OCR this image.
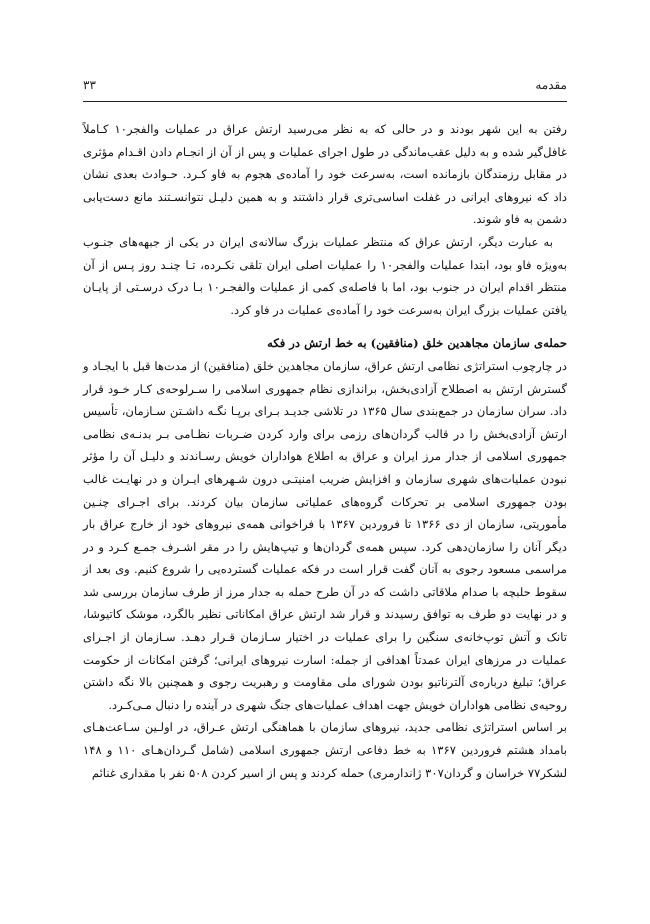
مقدمه
۳۳

رفتن به این شهر بودند و در حالی که به نظر می‌رسید ارتش عراق در عملیات والفجر۱۰ کـاملاً غافل‌گیر شده و به دلیل عقب‌ماندگی در طول اجرای عملیات و پس از آن از انجـام دادن اقـدام مؤثری در مقابل رزمندگان بازمانده است، به‌سرعت خود را آماده‌ی هجوم به فاو کـرد. حـوادث بعدی نشان داد که نیروهای ایرانی در غفلت اساسی‌تری قرار داشتند و به همین دلیـل نتوانسـتند مانع دست‌یابی دشمن به فاو شوند.

به عبارت دیگر، ارتش عراق که منتظر عملیات بزرگ سالانه‌ی ایران در یکی از جبهه‌های جنـوب به‌ویژه فاو بود، ابتدا عملیات والفجر۱۰ را عملیات اصلی ایران تلقی نکـرده، تـا چنـد روز پـس از آن منتظر اقدام ایران در جنوب بود، اما با فاصله‌ی کمی از عملیات والفجـر۱۰ بـا درک درسـتی از پایـان یافتن عملیات بزرگ ایران به‌سرعت خود را آماده‌ی عملیات در فاو کرد.

حمله‌ی سازمان مجاهدین خلق (منافقین) به خط ارتش در فکه

در چارچوب استراتژی نظامی ارتش عراق، سازمان مجاهدین خلق (منافقین) از مدت‌ها قبل با ایجـاد و گسترش ارتش به اصطلاح آزادی‌بخش، براندازی نظام جمهوری اسلامی را سـرلوحه‌ی کـار خـود قرار داد. سران سازمان در جمع‌بندی سال ۱۳۶۵ در تلاشی جدیـد بـرای برپـا نگـه داشـتن سـازمان، تأسیس ارتش آزادی‌بخش را در قالب گردان‌های رزمی برای وارد کردن ضـربات نظـامی بـر بدنـه‌ی نظامی جمهوری اسلامی از جدار مرز ایران و عراق به اطلاع هواداران خویش رسـاندند و دلیـل آن را مؤثر نبودن عملیات‌های شهری سازمان و افزایش ضریب امنیتـی درون شـهرهای ایـران و در نهایـت غالب بودن جمهوری اسلامی بر تحرکات گروه‌های عملیاتی سازمان بیان کردند. برای اجـرای چنـین مأموریتی، سازمان از دی ۱۳۶۶ تا فروردین ۱۳۶۷ با فراخوانی همه‌ی نیروهای خود از خارج عراق بار دیگر آنان را سازمان‌دهی کرد. سپس همه‌ی گردان‌ها و تیپ‌هایش را در مقر اشـرف جمـع کـرد و در مراسمی مسعود رجوی به آنان گفت قرار است در فکه عملیات گسترده‌یی را شروع کنیم. وی بعد از سقوط حلبچه با صدام ملاقاتی داشت که در آن طرح حمله به جدار مرز از طرف سازمان بررسی شد و در نهایت دو طرف به توافق رسیدند و قرار شد ارتش عراق امکاناتی نظیر بالگرد، موشک کاتیوشا، تانک و آتش توپ‌خانه‌ی سنگین را برای عملیات در اختیار سـازمان قـرار دهـد. سـازمان از اجـرای عملیات در مرزهای ایران عمدتاً اهدافی از جمله: اسارت نیروهای ایرانی؛ گرفتن امکانات از حکومت عراق؛ تبلیغ درباره‌ی آلترناتیو بودن شورای ملی مقاومت و رهبریت رجوی و همچنین بالا نگه داشتن روحیه‌ی نظامی هواداران خویش جهت اهداف عملیات‌های جنگ شهری در آینده را دنبال مـی‌کـرد.

بر اساس استراتژی نظامی جدید، نیروهای سازمان با هماهنگی ارتش عـراق، در اولـین سـاعت‌هـای بامداد هشتم فروردین ۱۳۶۷ به خط دفاعی ارتش جمهوری اسلامی (شامل گـردان‌هـای ۱۱۰ و ۱۴۸ لشکر۷۷ خراسان و گردان۳۰۷ ژاندارمری) حمله کردند و پس از اسیر کردن ۵۰۸ نفر با مقداری غنائم
